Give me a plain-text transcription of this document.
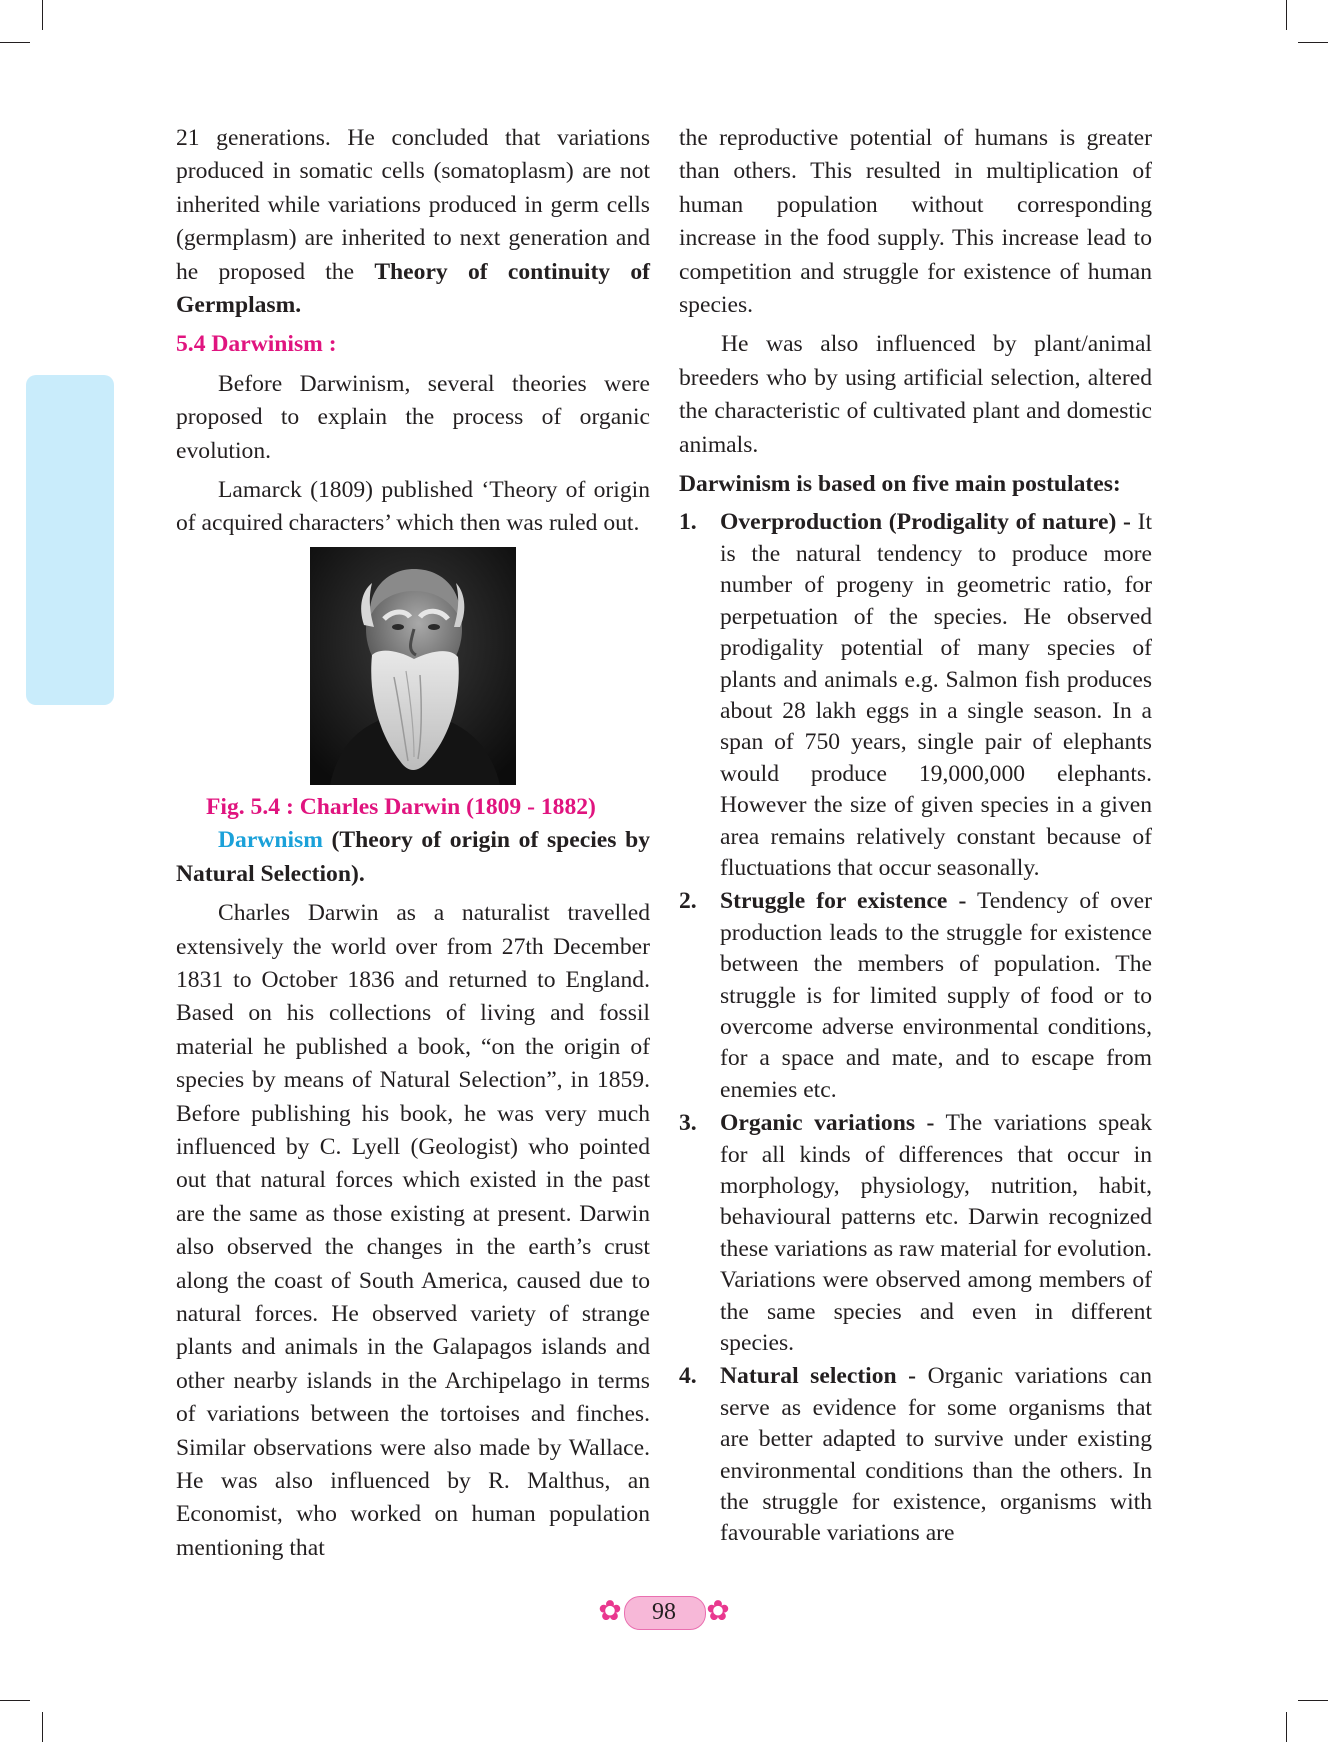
21 generations. He concluded that variations produced in somatic cells (somatoplasm) are not inherited while variations produced in germ cells (germplasm) are inherited to next generation and he proposed the Theory of continuity of Germplasm.

5.4 Darwinism :

Before Darwinism, several theories were proposed to explain the process of organic evolution.

Lamarck (1809) published ‘Theory of origin of acquired characters’ which then was ruled out.

Fig. 5.4 : Charles Darwin (1809 - 1882)

Darwnism (Theory of origin of species by Natural Selection).

Charles Darwin as a naturalist travelled extensively the world over from 27th December 1831 to October 1836 and returned to England. Based on his collections of living and fossil material he published a book, “on the origin of species by means of Natural Selection”, in 1859. Before publishing his book, he was very much influenced by C. Lyell (Geologist) who pointed out that natural forces which existed in the past are the same as those existing at present. Darwin also observed the changes in the earth’s crust along the coast of South America, caused due to natural forces. He observed variety of strange plants and animals in the Galapagos islands and other nearby islands in the Archipelago in terms of variations between the tortoises and finches. Similar observations were also made by Wallace. He was also influenced by R. Malthus, an Economist, who worked on human population mentioning that

the reproductive potential of humans is greater than others. This resulted in multiplication of human population without corresponding increase in the food supply. This increase lead to competition and struggle for existence of human species.

He was also influenced by plant/animal breeders who by using artificial selection, altered the characteristic of cultivated plant and domestic animals.

Darwinism is based on five main postulates:

1. Overproduction (Prodigality of nature) - It is the natural tendency to produce more number of progeny in geometric ratio, for perpetuation of the species. He observed prodigality potential of many species of plants and animals e.g. Salmon fish produces about 28 lakh eggs in a single season. In a span of 750 years, single pair of elephants would produce 19,000,000 elephants. However the size of given species in a given area remains relatively constant because of fluctuations that occur seasonally.
2. Struggle for existence - Tendency of over production leads to the struggle for existence between the members of population. The struggle is for limited supply of food or to overcome adverse environmental conditions, for a space and mate, and to escape from enemies etc.
3. Organic variations - The variations speak for all kinds of differences that occur in morphology, physiology, nutrition, habit, behavioural patterns etc. Darwin recognized these variations as raw material for evolution. Variations were observed among members of the same species and even in different species.
4. Natural selection - Organic variations can serve as evidence for some organisms that are better adapted to survive under existing environmental conditions than the others. In the struggle for existence, organisms with favourable variations are
✿	98	✿
